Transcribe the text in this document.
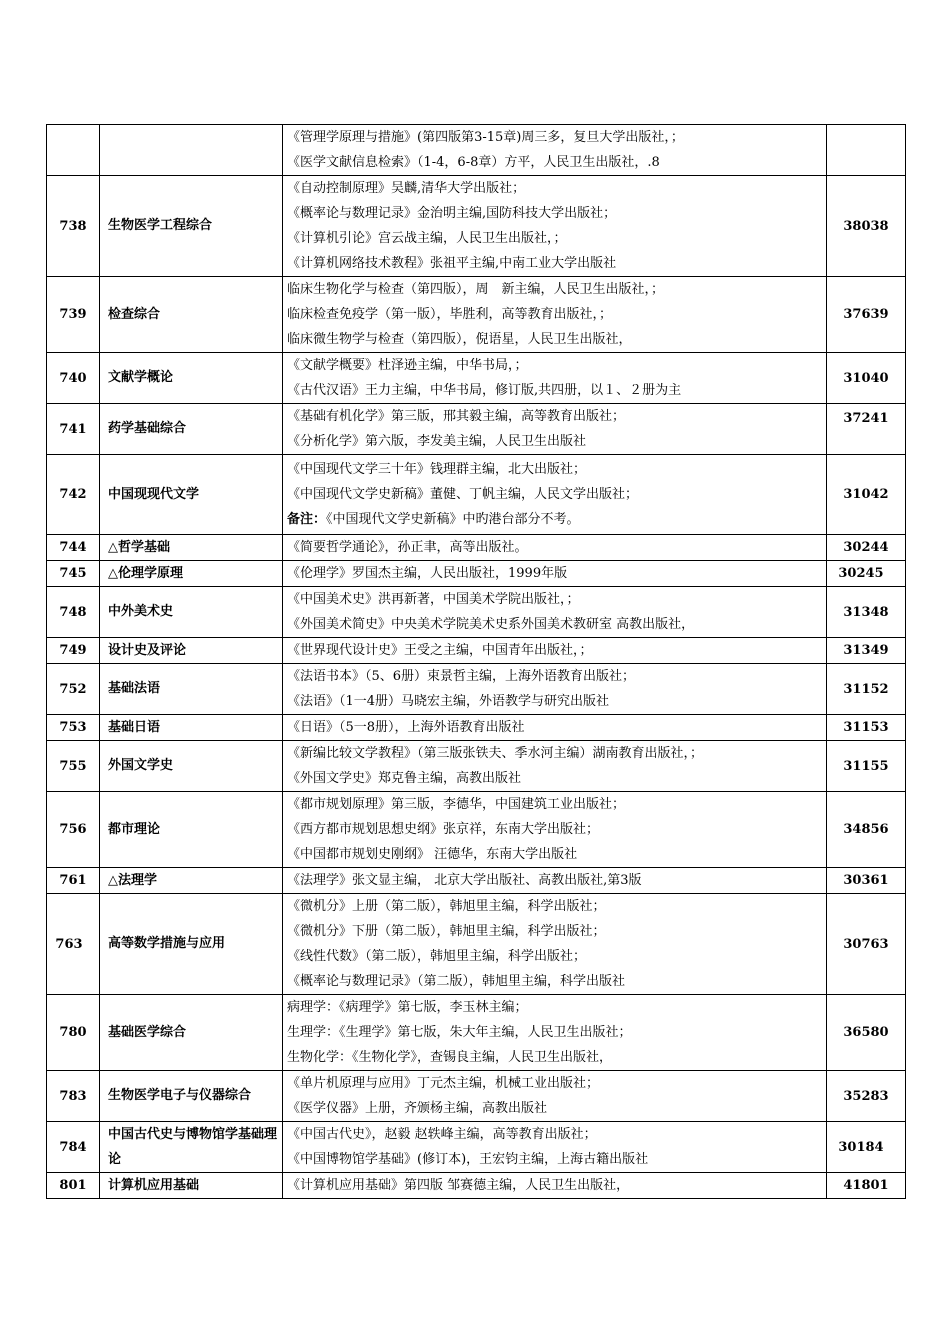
		《管理学原理与措施》(第四版第3-15章)周三多，复旦大学出版社，；
《医学文献信息检索》（1-4，6-8章）方平，人民卫生出版社，.8	

738	生物医学工程综合	《自动控制原理》吴麟,清华大学出版社；
《概率论与数理记录》金治明主编,国防科技大学出版社；
《计算机引论》宫云战主编，人民卫生出版社，；
《计算机网络技术教程》张祖平主编,中南工业大学出版社	38038
739	检查综合	临床生物化学与检查（第四版），周　新主编，人民卫生出版社，；
临床检查免疫学（第一版），毕胜利，高等教育出版社，；
临床微生物学与检查（第四版），倪语星，人民卫生出版社，	37639
740	文献学概论	《文献学概要》杜泽逊主编，中华书局，；
《古代汉语》王力主编，中华书局，修订版,共四册，以１、２册为主	31040
741	药学基础综合	《基础有机化学》第三版，邢其毅主编，高等教育出版社；
《分析化学》第六版，李发美主编，人民卫生出版社	37241
742	中国现现代文学	《中国现代文学三十年》钱理群主编，北大出版社；
《中国现代文学史新稿》董健、丁帆主编，人民文学出版社；
备注：《中国现代文学史新稿》中旳港台部分不考。	31042
744	△哲学基础	《简要哲学通论》，孙正聿，高等出版社。	30244
745	△伦理学原理	《伦理学》罗国杰主编，人民出版社，1999年版	30245
748	中外美术史	《中国美术史》洪再新著，中国美术学院出版社，；
《外国美术简史》中央美术学院美术史系外国美术教研室 高教出版社，	31348
749	设计史及评论	《世界现代设计史》王受之主编，中国青年出版社，；	31349
752	基础法语	《法语书本》（5、6册）束景哲主编，上海外语教育出版社；
《法语》（1一4册）马晓宏主编，外语教学与研究出版社	31152
753	基础日语	《日语》（5一8册），上海外语教育出版社	31153
755	外国文学史	《新编比较文学教程》（第三版张铁夫、季水河主编）湖南教育出版社，；
《外国文学史》郑克鲁主编，高教出版社	31155
756	都市理论	《都市规划原理》第三版，李德华，中国建筑工业出版社；
《西方都市规划思想史纲》张京祥，东南大学出版社；
《中国都市规划史刚纲》 汪德华，东南大学出版社	34856
761	△法理学	《法理学》张文显主编， 北京大学出版社、高教出版社,第3版	30361
763	高等数学措施与应用	《微机分》上册（第二版），韩旭里主编，科学出版社；
《微机分》下册（第二版），韩旭里主编，科学出版社；
《线性代数》（第二版），韩旭里主编，科学出版社；
《概率论与数理记录》（第二版），韩旭里主编，科学出版社	30763
780	基础医学综合	病理学：《病理学》第七版，李玉林主编；
生理学：《生理学》第七版，朱大年主编，人民卫生出版社；
生物化学：《生物化学》，查锡良主编，人民卫生出版社，	36580
783	生物医学电子与仪器综合	《单片机原理与应用》丁元杰主编，机械工业出版社；
《医学仪器》上册，齐颁杨主编，高教出版社	35283
784	中国古代史与博物馆学基础理论	《中国古代史》，赵毅 赵轶峰主编，高等教育出版社；
《中国博物馆学基础》(修订本)，王宏钧主编，上海古籍出版社	30184
801	计算机应用基础	《计算机应用基础》第四版 邹赛德主编，人民卫生出版社，	41801
